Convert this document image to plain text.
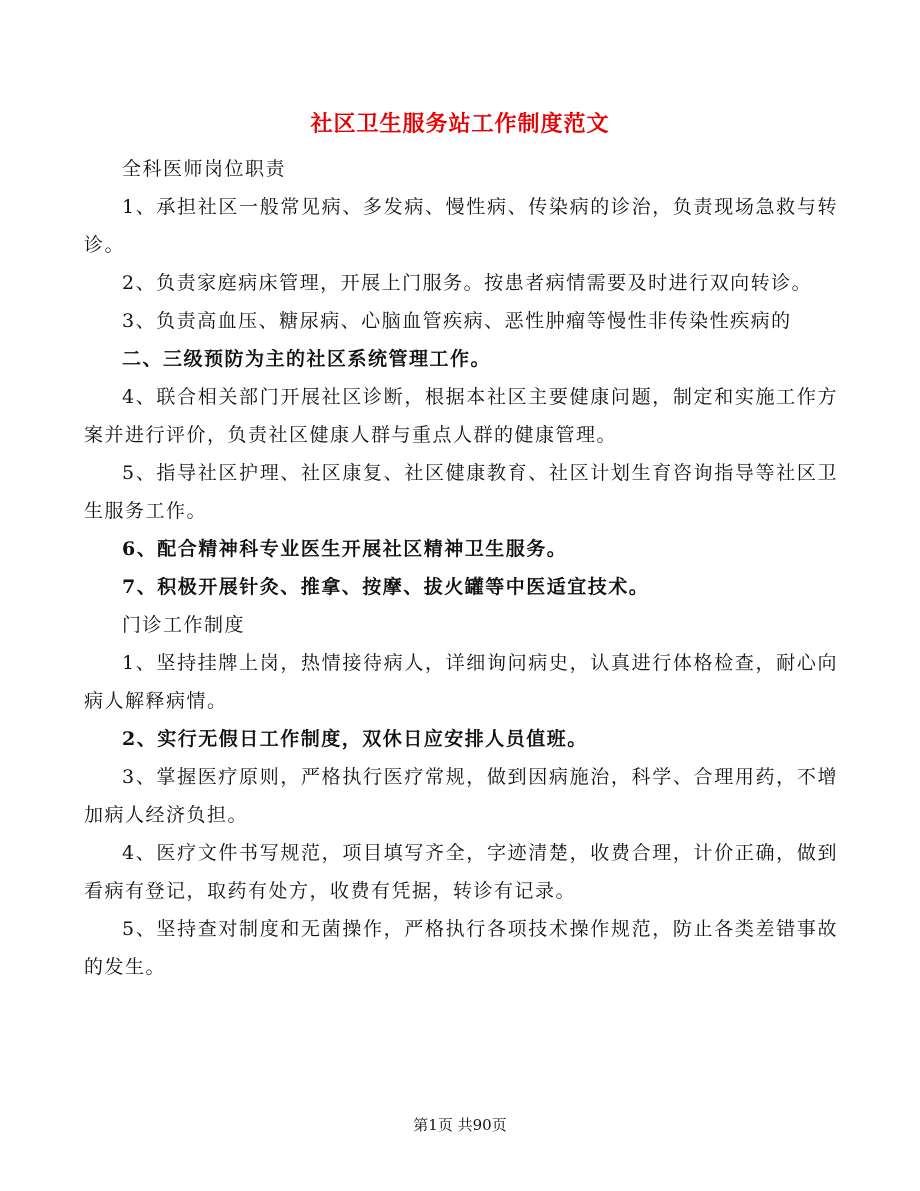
社区卫生服务站工作制度范文

全科医师岗位职责

1、承担社区一般常见病、多发病、慢性病、传染病的诊治，负责现场急救与转诊。

2、负责家庭病床管理，开展上门服务。按患者病情需要及时进行双向转诊。

3、负责高血压、糖尿病、心脑血管疾病、恶性肿瘤等慢性非传染性疾病的

二、三级预防为主的社区系统管理工作。

4、联合相关部门开展社区诊断，根据本社区主要健康问题，制定和实施工作方案并进行评价，负责社区健康人群与重点人群的健康管理。

5、指导社区护理、社区康复、社区健康教育、社区计划生育咨询指导等社区卫生服务工作。

6、配合精神科专业医生开展社区精神卫生服务。

7、积极开展针灸、推拿、按摩、拔火罐等中医适宜技术。

门诊工作制度

1、坚持挂牌上岗，热情接待病人，详细询问病史，认真进行体格检查，耐心向病人解释病情。

2、实行无假日工作制度，双休日应安排人员值班。

3、掌握医疗原则，严格执行医疗常规，做到因病施治，科学、合理用药，不增加病人经济负担。

4、医疗文件书写规范，项目填写齐全，字迹清楚，收费合理，计价正确，做到看病有登记，取药有处方，收费有凭据，转诊有记录。

5、坚持查对制度和无菌操作，严格执行各项技术操作规范，防止各类差错事故的发生。

第1页 共90页
